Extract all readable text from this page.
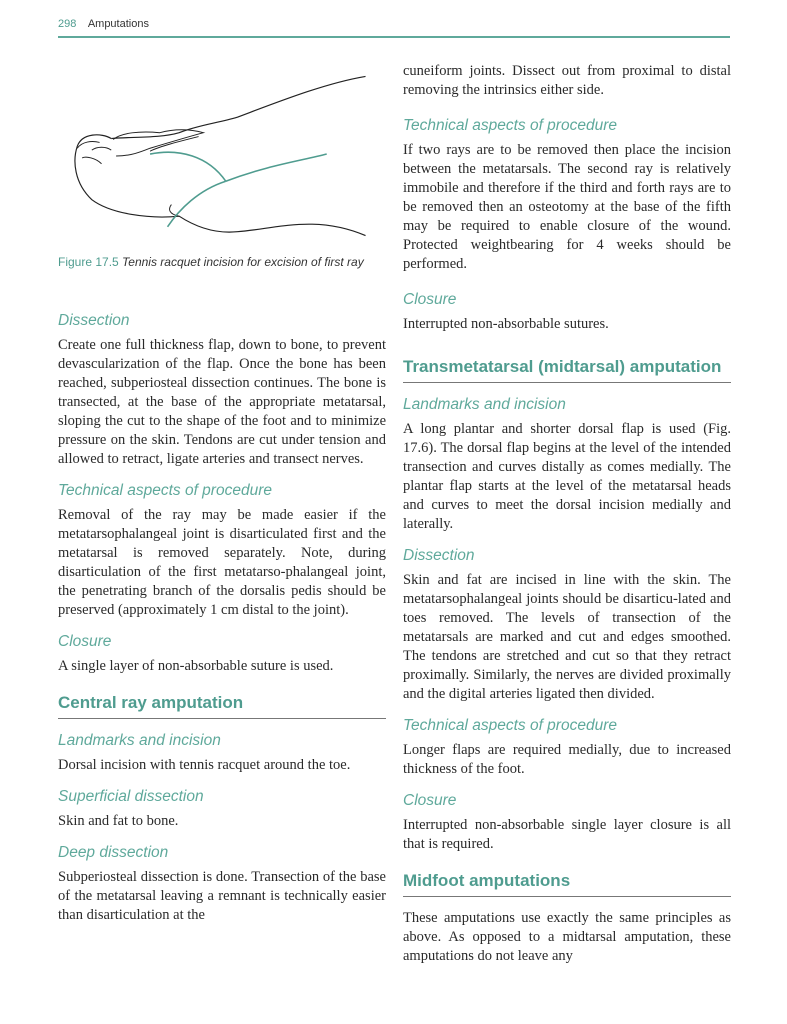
298 Amputations
Figure 17.5 Tennis racquet incision for excision of first ray
Dissection

Create one full thickness flap, down to bone, to prevent devascularization of the flap. Once the bone has been reached, subperiosteal dissection continues. The bone is transected, at the base of the appropriate metatarsal, sloping the cut to the shape of the foot and to minimize pressure on the skin. Tendons are cut under tension and allowed to retract, ligate arteries and transect nerves.

Technical aspects of procedure

Removal of the ray may be made easier if the metatarsophalangeal joint is disarticulated first and the metatarsal is removed separately. Note, during disarticulation of the first metatarso-phalangeal joint, the penetrating branch of the dorsalis pedis should be preserved (approximately 1 cm distal to the joint).

Closure

A single layer of non-absorbable suture is used.

Central ray amputation
Landmarks and incision

Dorsal incision with tennis racquet around the toe.

Superficial dissection

Skin and fat to bone.

Deep dissection

Subperiosteal dissection is done. Transection of the base of the metatarsal leaving a remnant is technically easier than disarticulation at the

cuneiform joints. Dissect out from proximal to distal removing the intrinsics either side.

Technical aspects of procedure

If two rays are to be removed then place the incision between the metatarsals. The second ray is relatively immobile and therefore if the third and forth rays are to be removed then an osteotomy at the base of the fifth may be required to enable closure of the wound. Protected weightbearing for 4 weeks should be performed.

Closure

Interrupted non-absorbable sutures.

Transmetatarsal (midtarsal) amputation
Landmarks and incision

A long plantar and shorter dorsal flap is used (Fig. 17.6). The dorsal flap begins at the level of the intended transection and curves distally as comes medially. The plantar flap starts at the level of the metatarsal heads and curves to meet the dorsal incision medially and laterally.

Dissection

Skin and fat are incised in line with the skin. The metatarsophalangeal joints should be disarticu-lated and toes removed. The levels of transection of the metatarsals are marked and cut and edges smoothed. The tendons are stretched and cut so that they retract proximally. Similarly, the nerves are divided proximally and the digital arteries ligated then divided.

Technical aspects of procedure

Longer flaps are required medially, due to increased thickness of the foot.

Closure

Interrupted non-absorbable single layer closure is all that is required.

Midfoot amputations

These amputations use exactly the same principles as above. As opposed to a midtarsal amputation, these amputations do not leave any
